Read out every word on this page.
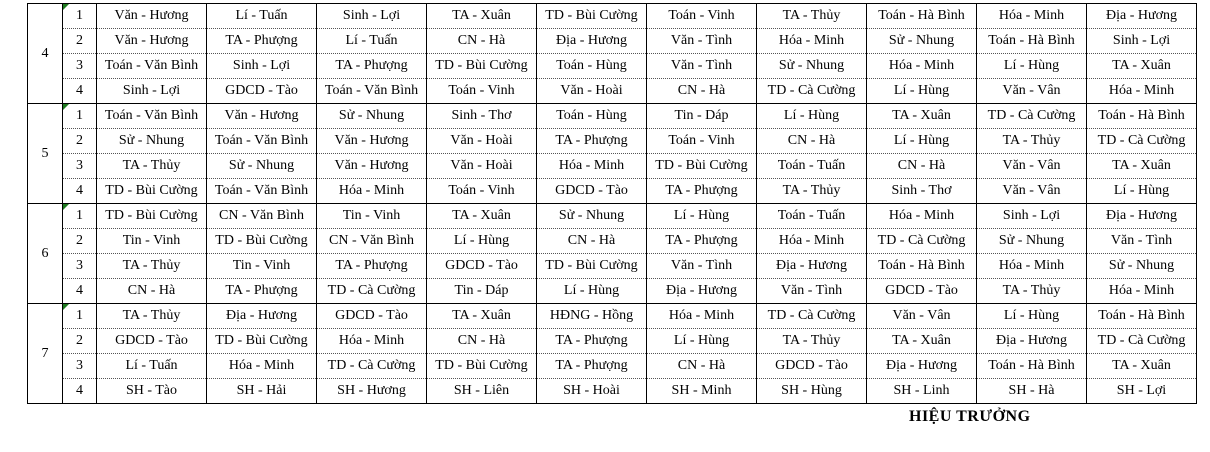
4	1	Văn - Hương	Lí - Tuấn	Sinh - Lợi	TA - Xuân	TD - Bùi Cường	Toán - Vinh	TA - Thủy	Toán - Hà Bình	Hóa - Minh	Địa - Hương
	2	Văn - Hương	TA - Phượng	Lí - Tuấn	CN - Hà	Địa - Hương	Văn - Tình	Hóa - Minh	Sử - Nhung	Toán - Hà Bình	Sinh - Lợi
	3	Toán - Văn Bình	Sinh - Lợi	TA - Phượng	TD - Bùi Cường	Toán - Hùng	Văn - Tình	Sử - Nhung	Hóa - Minh	Lí - Hùng	TA - Xuân
	4	Sinh - Lợi	GDCD - Tào	Toán - Văn Bình	Toán - Vinh	Văn - Hoài	CN - Hà	TD - Cà Cường	Lí - Hùng	Văn - Vân	Hóa - Minh
5	1	Toán - Văn Bình	Văn - Hương	Sử - Nhung	Sinh - Thơ	Toán - Hùng	Tin - Dáp	Lí - Hùng	TA - Xuân	TD - Cà Cường	Toán - Hà Bình
	2	Sử - Nhung	Toán - Văn Bình	Văn - Hương	Văn - Hoài	TA - Phượng	Toán - Vinh	CN - Hà	Lí - Hùng	TA - Thủy	TD - Cà Cường
	3	TA - Thủy	Sử - Nhung	Văn - Hương	Văn - Hoài	Hóa - Minh	TD - Bùi Cường	Toán - Tuấn	CN - Hà	Văn - Vân	TA - Xuân
	4	TD - Bùi Cường	Toán - Văn Bình	Hóa - Minh	Toán - Vinh	GDCD - Tào	TA - Phượng	TA - Thủy	Sinh - Thơ	Văn - Vân	Lí - Hùng
6	1	TD - Bùi Cường	CN - Văn Bình	Tin - Vinh	TA - Xuân	Sử - Nhung	Lí - Hùng	Toán - Tuấn	Hóa - Minh	Sinh - Lợi	Địa - Hương
	2	Tin - Vinh	TD - Bùi Cường	CN - Văn Bình	Lí - Hùng	CN - Hà	TA - Phượng	Hóa - Minh	TD - Cà Cường	Sử - Nhung	Văn - Tình
	3	TA - Thủy	Tin - Vinh	TA - Phượng	GDCD - Tào	TD - Bùi Cường	Văn - Tình	Địa - Hương	Toán - Hà Bình	Hóa - Minh	Sử - Nhung
	4	CN - Hà	TA - Phượng	TD - Cà Cường	Tin - Dáp	Lí - Hùng	Địa - Hương	Văn - Tình	GDCD - Tào	TA - Thủy	Hóa - Minh
7	1	TA - Thủy	Địa - Hương	GDCD - Tào	TA - Xuân	HĐNG - Hồng	Hóa - Minh	TD - Cà Cường	Văn - Vân	Lí - Hùng	Toán - Hà Bình
	2	GDCD - Tào	TD - Bùi Cường	Hóa - Minh	CN - Hà	TA - Phượng	Lí - Hùng	TA - Thủy	TA - Xuân	Địa - Hương	TD - Cà Cường
	3	Lí - Tuấn	Hóa - Minh	TD - Cà Cường	TD - Bùi Cường	TA - Phượng	CN - Hà	GDCD - Tào	Địa - Hương	Toán - Hà Bình	TA - Xuân
	4	SH - Tào	SH - Hải	SH - Hương	SH - Liên	SH - Hoài	SH - Minh	SH - Hùng	SH - Linh	SH - Hà	SH - Lợi
HIỆU TRƯỞNG
